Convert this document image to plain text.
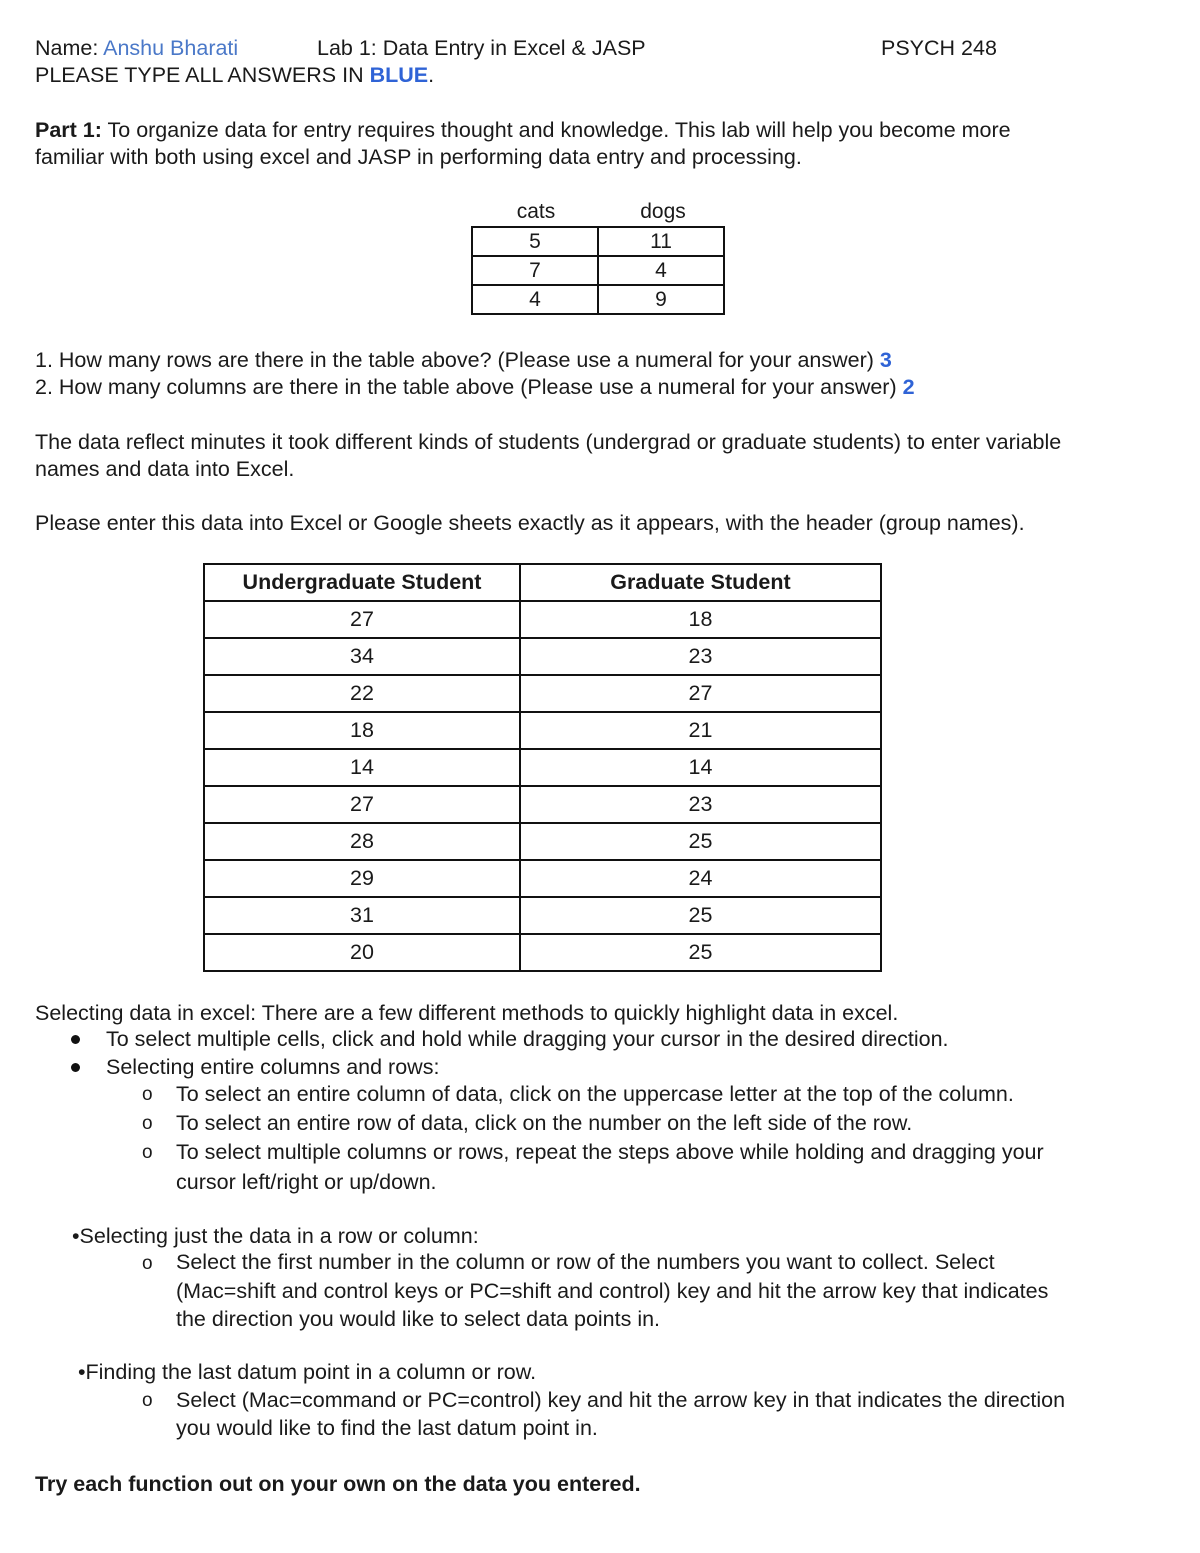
Name: Anshu Bharati	Lab 1: Data Entry in Excel & JASP	PSYCH 248
PLEASE TYPE ALL ANSWERS IN BLUE.
Part 1: To organize data for entry requires thought and knowledge. This lab will help you become more
familiar with both using excel and JASP in performing data entry and processing.
cats	dogs
5	11
7	4
4	9
1. How many rows are there in the table above? (Please use a numeral for your answer) 3
2. How many columns are there in the table above (Please use a numeral for your answer) 2
The data reflect minutes it took different kinds of students (undergrad or graduate students) to enter variable
names and data into Excel.
Please enter this data into Excel or Google sheets exactly as it appears, with the header (group names).
Undergraduate Student	Graduate Student
27	18
34	23
22	27
18	21
14	14
27	23
28	25
29	24
31	25
20	25
Selecting data in excel: There are a few different methods to quickly highlight data in excel.
To select multiple cells, click and hold while dragging your cursor in the desired direction.
Selecting entire columns and rows:
o To select an entire column of data, click on the uppercase letter at the top of the column.
o To select an entire row of data, click on the number on the left side of the row.
o To select multiple columns or rows, repeat the steps above while holding and dragging your
cursor left/right or up/down.
•Selecting just the data in a row or column:
o Select the first number in the column or row of the numbers you want to collect. Select
(Mac=shift and control keys or PC=shift and control) key and hit the arrow key that indicates
the direction you would like to select data points in.
•Finding the last datum point in a column or row.
o Select (Mac=command or PC=control) key and hit the arrow key in that indicates the direction
you would like to find the last datum point in.
Try each function out on your own on the data you entered.
